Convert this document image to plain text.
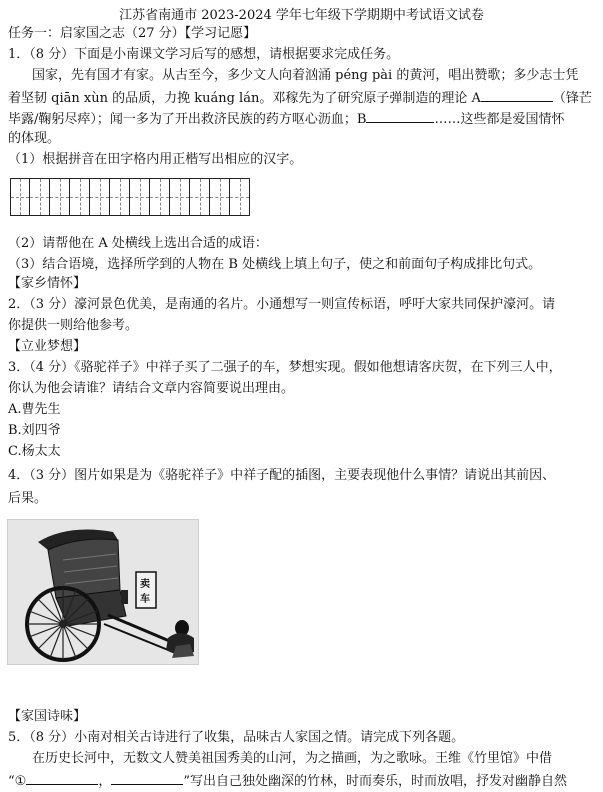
江苏省南通市 2023-2024 学年七年级下学期期中考试语文试卷
任务一：启家国之志（27 分）【学习记愿】
1．（8 分）下面是小南课文学习后写的感想，请根据要求完成任务。
国家，先有国才有家。从古至今，多少文人向着汹涌 péng pài 的黄河，唱出赞歌；多少志士凭
着坚韧 qiān xùn 的品质，力挽 kuáng lán。邓稼先为了研究原子弹制造的理论 A	（锋芒
毕露/鞠躬尽瘁）；闻一多为了开出救济民族的药方呕心沥血；B	……这些都是爱国情怀
的体现。
（1）根据拼音在田字格内用正楷写出相应的汉字。
（2）请帮他在 A 处横线上选出合适的成语：
（3）结合语境，选择所学到的人物在 B 处横线上填上句子，使之和前面句子构成排比句式。
【家乡情怀】
2．（3 分）濠河景色优美，是南通的名片。小通想写一则宣传标语，呼吁大家共同保护濠河。请
你提供一则给他参考。
【立业梦想】
3．（4 分）《骆驼祥子》中祥子买了二强子的车，梦想实现。假如他想请客庆贺，在下列三人中，
你认为他会请谁？请结合文章内容简要说出理由。
A.曹先生
B.刘四爷
C.杨太太
4．（3 分）图片如果是为《骆驼祥子》中祥子配的插图，主要表现他什么事情？请说出其前因、
后果。
卖
车
【家国诗味】
5．（8 分）小南对相关古诗进行了收集，品味古人家国之情。请完成下列各题。
在历史长河中，无数文人赞美祖国秀美的山河，为之描画，为之歌咏。王维《竹里馆》中借
“①	，	”写出自己独处幽深的竹林，时而奏乐，时而放唱，抒发对幽静自然
